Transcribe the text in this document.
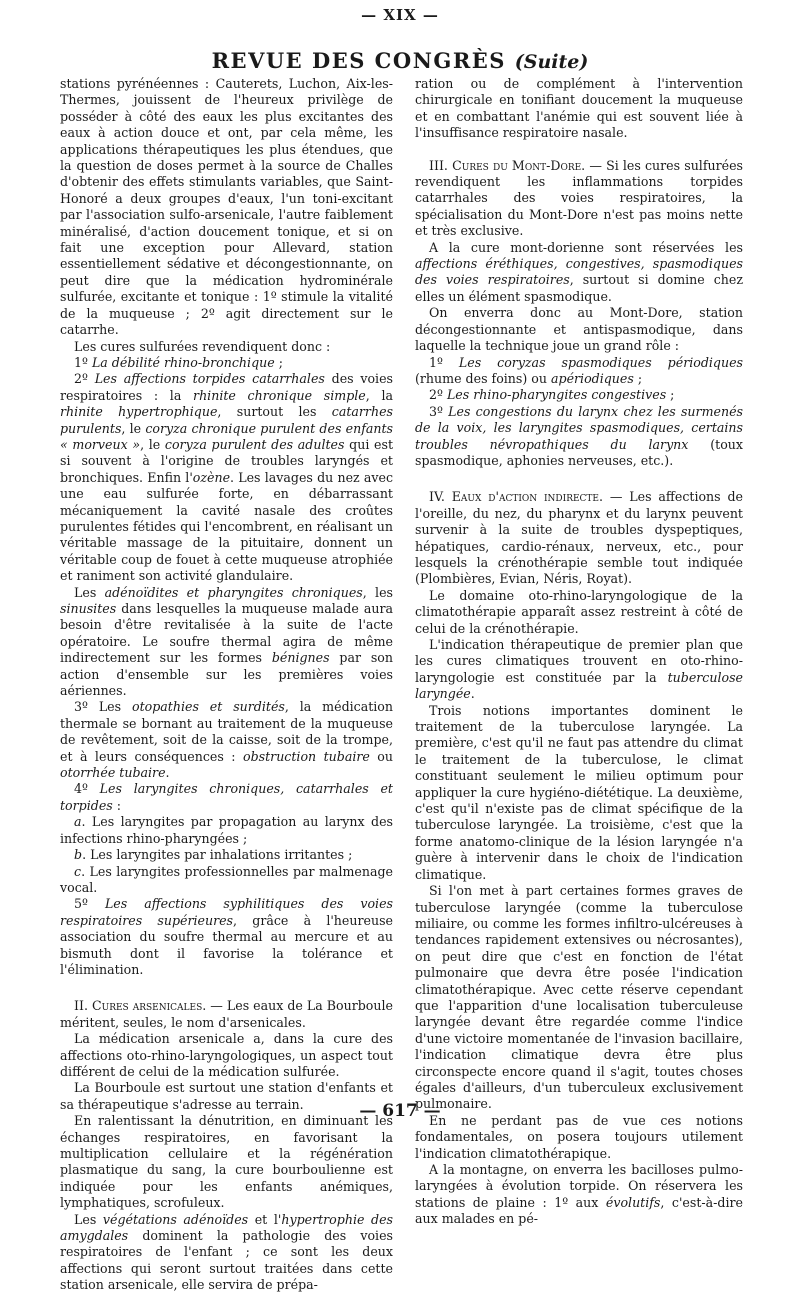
— XIX —
REVUE DES CONGRÈS (Suite)

stations pyrénéennes : Cauterets, Luchon, Aix-les-Thermes, jouissent de l'heureux privilège de posséder à côté des eaux les plus excitantes des eaux à action douce et ont, par cela même, les applications thérapeutiques les plus étendues, que la question de doses permet à la source de Challes d'obtenir des effets stimulants variables, que Saint-Honoré a deux groupes d'eaux, l'un toni-excitant par l'association sulfo-arsenicale, l'autre faiblement minéralisé, d'action doucement tonique, et si on fait une exception pour Allevard, station essentiellement sédative et décongestionnante, on peut dire que la médication hydrominérale sulfurée, excitante et tonique : 1º stimule la vitalité de la muqueuse ; 2º agit directement sur le catarrhe.

Les cures sulfurées revendiquent donc :

1º La débilité rhino-bronchique ;

2º Les affections torpides catarrhales des voies respiratoires : la rhinite chronique simple, la rhinite hypertrophique, surtout les catarrhes purulents, le coryza chronique purulent des enfants « morveux », le coryza purulent des adultes qui est si souvent à l'origine de troubles laryngés et bronchiques. Enfin l'ozène. Les lavages du nez avec une eau sulfurée forte, en débarrassant mécaniquement la cavité nasale des croûtes purulentes fétides qui l'encombrent, en réalisant un véritable massage de la pituitaire, donnent un véritable coup de fouet à cette muqueuse atrophiée et raniment son activité glandulaire.

Les adénoïdites et pharyngites chroniques, les sinusites dans lesquelles la muqueuse malade aura besoin d'être revitalisée à la suite de l'acte opératoire. Le soufre thermal agira de même indirectement sur les formes bénignes par son action d'ensemble sur les premières voies aériennes.

3º Les otopathies et surdités, la médication thermale se bornant au traitement de la muqueuse de revêtement, soit de la caisse, soit de la trompe, et à leurs conséquences : obstruction tubaire ou otorrhée tubaire.

4º Les laryngites chroniques, catarrhales et torpides :

a. Les laryngites par propagation au larynx des infections rhino-pharyngées ;

b. Les laryngites par inhalations irritantes ;

c. Les laryngites professionnelles par malmenage vocal.

5º Les affections syphilitiques des voies respiratoires supérieures, grâce à l'heureuse association du soufre thermal au mercure et au bismuth dont il favorise la tolérance et l'élimination.

II. Cures arsenicales. — Les eaux de La Bourboule méritent, seules, le nom d'arsenicales.

La médication arsenicale a, dans la cure des affections oto-rhino-laryngologiques, un aspect tout différent de celui de la médication sulfurée.

La Bourboule est surtout une station d'enfants et sa thérapeutique s'adresse au terrain.

En ralentissant la dénutrition, en diminuant les échanges respiratoires, en favorisant la multiplication cellulaire et la régénération plasmatique du sang, la cure bourboulienne est indiquée pour les enfants anémiques, lymphatiques, scrofuleux.

Les végétations adénoïdes et l'hypertrophie des amygdales dominent la pathologie des voies respiratoires de l'enfant ; ce sont les deux affections qui seront surtout traitées dans cette station arsenicale, elle servira de prépa-

ration ou de complément à l'intervention chirurgicale en tonifiant doucement la muqueuse et en combattant l'anémie qui est souvent liée à l'insuffisance respiratoire nasale.

III. Cures du Mont-Dore. — Si les cures sulfurées revendiquent les inflammations torpides catarrhales des voies respiratoires, la spécialisation du Mont-Dore n'est pas moins nette et très exclusive.

A la cure mont-dorienne sont réservées les affections éréthiques, congestives, spasmodiques des voies respiratoires, surtout si domine chez elles un élément spasmodique.

On enverra donc au Mont-Dore, station décongestionnante et antispasmodique, dans laquelle la technique joue un grand rôle :

1º Les coryzas spasmodiques périodiques (rhume des foins) ou apériodiques ;

2º Les rhino-pharyngites congestives ;

3º Les congestions du larynx chez les surmenés de la voix, les laryngites spasmodiques, certains troubles névropathiques du larynx (toux spasmodique, aphonies nerveuses, etc.).

IV. Eaux d'action indirecte. — Les affections de l'oreille, du nez, du pharynx et du larynx peuvent survenir à la suite de troubles dyspeptiques, hépatiques, cardio-rénaux, nerveux, etc., pour lesquels la crénothérapie semble tout indiquée (Plombières, Evian, Néris, Royat).

Le domaine oto-rhino-laryngologique de la climatothérapie apparaît assez restreint à côté de celui de la crénothérapie.

L'indication thérapeutique de premier plan que les cures climatiques trouvent en oto-rhino-laryngologie est constituée par la tuberculose laryngée.

Trois notions importantes dominent le traitement de la tuberculose laryngée. La première, c'est qu'il ne faut pas attendre du climat le traitement de la tuberculose, le climat constituant seulement le milieu optimum pour appliquer la cure hygiéno-diététique. La deuxième, c'est qu'il n'existe pas de climat spécifique de la tuberculose laryngée. La troisième, c'est que la forme anatomo-clinique de la lésion laryngée n'a guère à intervenir dans le choix de l'indication climatique.

Si l'on met à part certaines formes graves de tuberculose laryngée (comme la tuberculose miliaire, ou comme les formes infiltro-ulcéreuses à tendances rapidement extensives ou nécrosantes), on peut dire que c'est en fonction de l'état pulmonaire que devra être posée l'indication climatothérapique. Avec cette réserve cependant que l'apparition d'une localisation tuberculeuse laryngée devant être regardée comme l'indice d'une victoire momentanée de l'invasion bacillaire, l'indication climatique devra être plus circonspecte encore quand il s'agit, toutes choses égales d'ailleurs, d'un tuberculeux exclusivement pulmonaire.

En ne perdant pas de vue ces notions fondamentales, on posera toujours utilement l'indication climatothérapique.

A la montagne, on enverra les bacilloses pulmo-laryngées à évolution torpide. On réservera les stations de plaine : 1º aux évolutifs, c'est-à-dire aux malades en pé-

— 617 —
